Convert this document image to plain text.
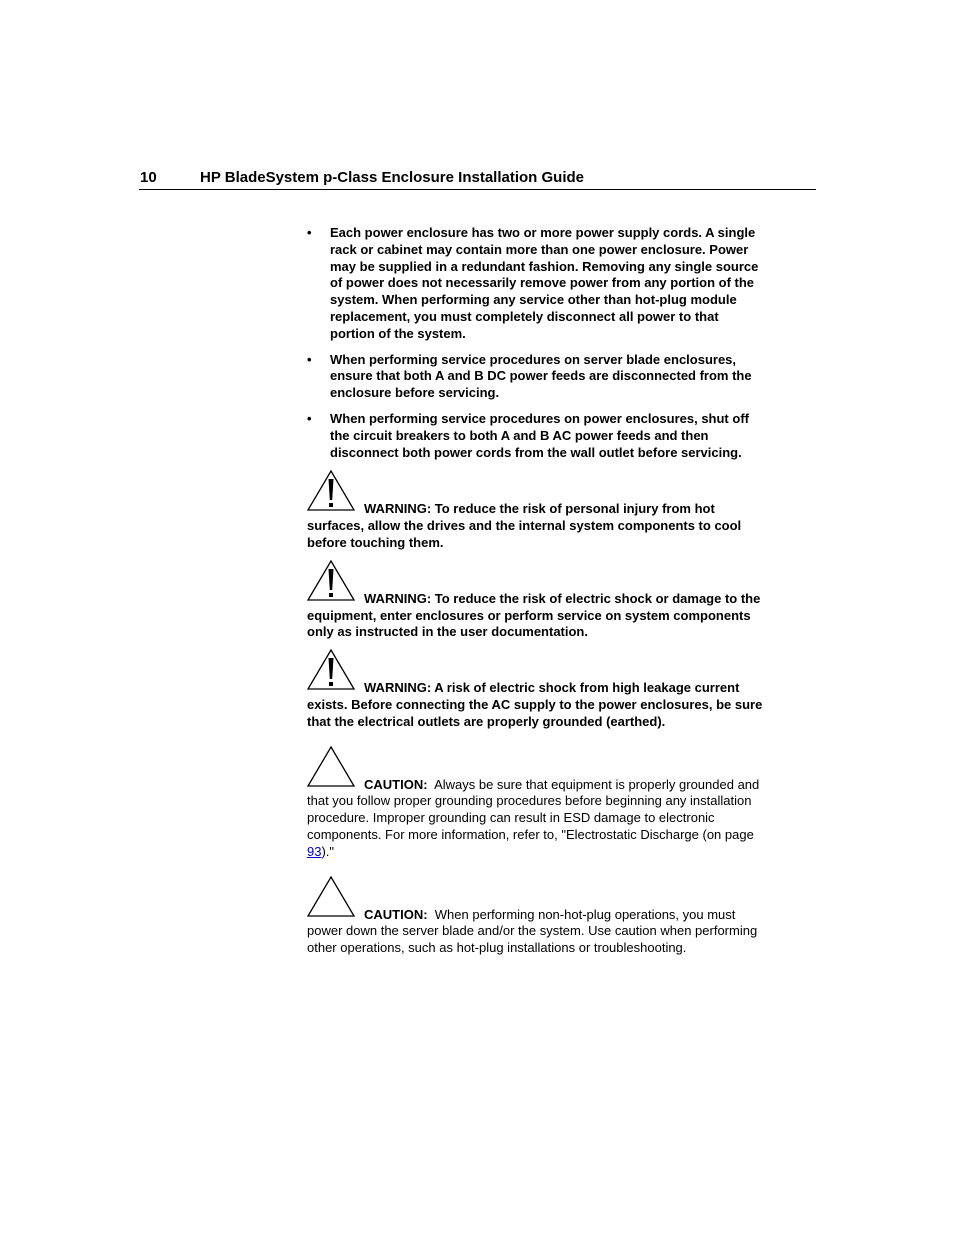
10	HP BladeSystem p-Class Enclosure Installation Guide
• Each power enclosure has two or more power supply cords. A single rack or cabinet may contain more than one power enclosure. Power may be supplied in a redundant fashion. Removing any single source of power does not necessarily remove power from any portion of the system. When performing any service other than hot-plug module replacement, you must completely disconnect all power to that portion of the system.
• When performing service procedures on server blade enclosures, ensure that both A and B DC power feeds are disconnected from the enclosure before servicing.
• When performing service procedures on power enclosures, shut off the circuit breakers to both A and B AC power feeds and then disconnect both power cords from the wall outlet before servicing.
WARNING: To reduce the risk of personal injury from hot surfaces, allow the drives and the internal system components to cool before touching them.
WARNING: To reduce the risk of electric shock or damage to the equipment, enter enclosures or perform service on system components only as instructed in the user documentation.
WARNING: A risk of electric shock from high leakage current exists. Before connecting the AC supply to the power enclosures, be sure that the electrical outlets are properly grounded (earthed).
CAUTION: Always be sure that equipment is properly grounded and that you follow proper grounding procedures before beginning any installation procedure. Improper grounding can result in ESD damage to electronic components. For more information, refer to, "Electrostatic Discharge (on page 93)."
CAUTION: When performing non-hot-plug operations, you must power down the server blade and/or the system. Use caution when performing other operations, such as hot-plug installations or troubleshooting.
